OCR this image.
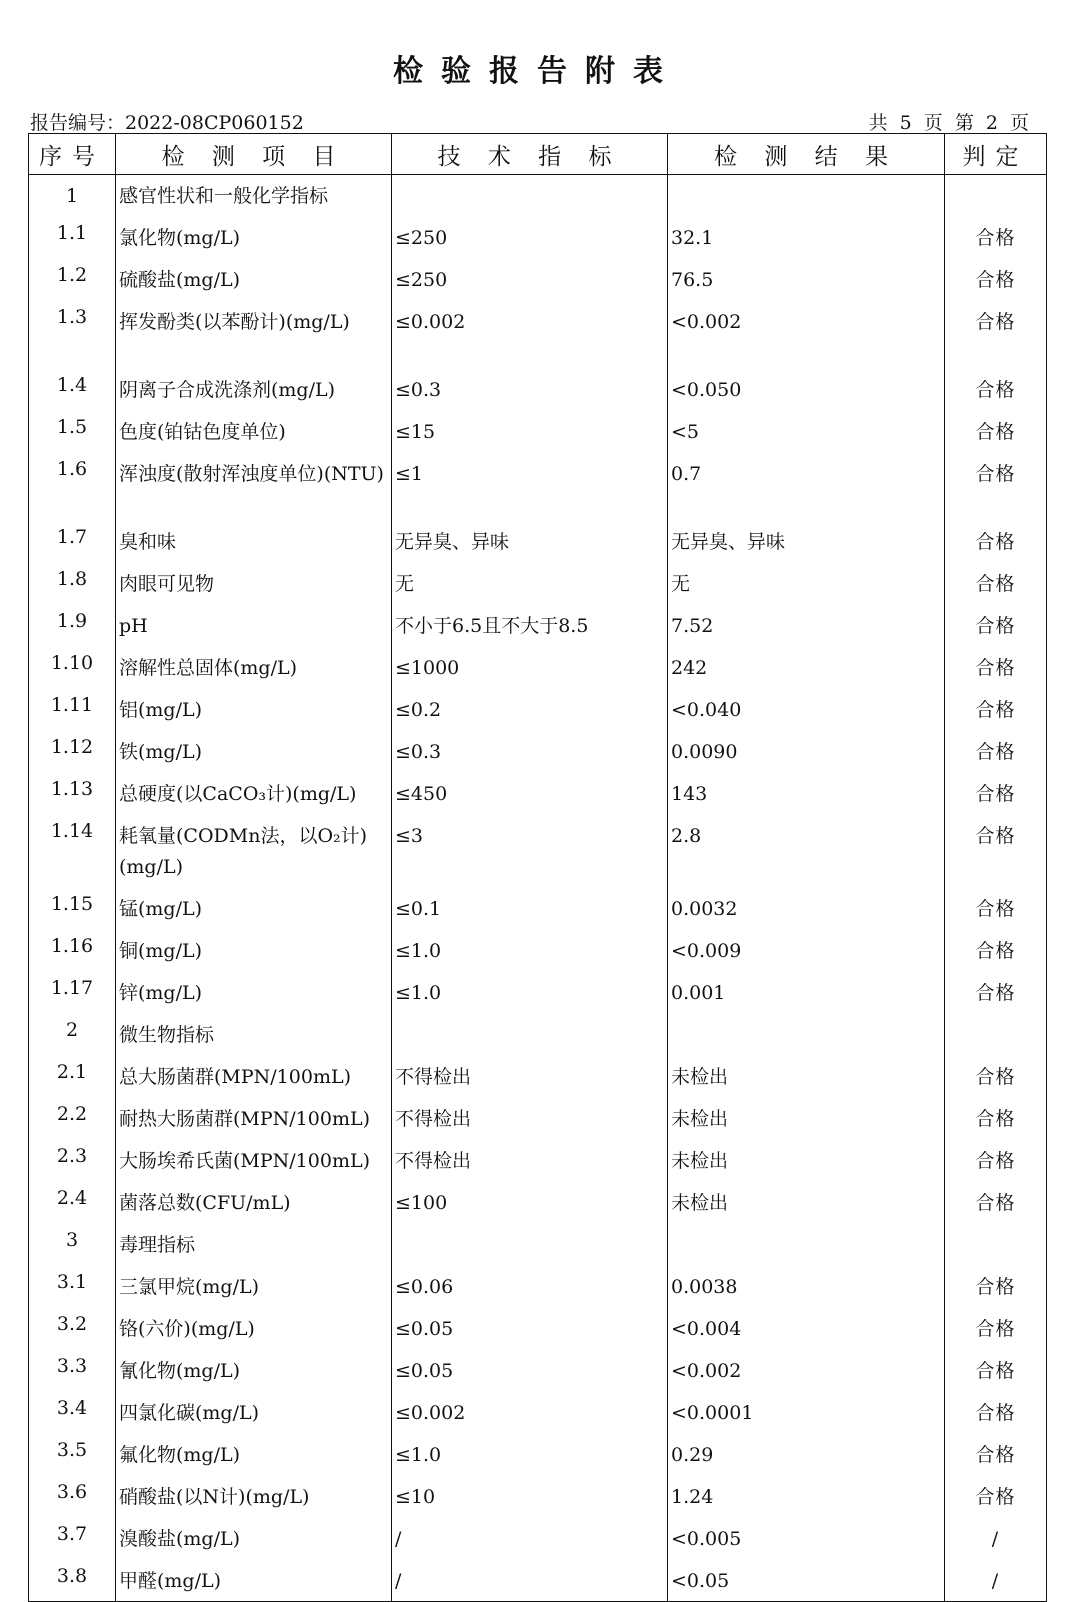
检验报告附表
报告编号：2022-08CP060152	共 5 页 第 2 页
序号	检 测 项 目	技 术 指 标	检 测 结 果	判定
1	感官性状和一般化学指标			
1.1	氯化物(mg/L)	≤250	32.1	合格
1.2	硫酸盐(mg/L)	≤250	76.5	合格
1.3	挥发酚类(以苯酚计)(mg/L)	≤0.002	<0.002	合格
1.4	阴离子合成洗涤剂(mg/L)	≤0.3	<0.050	合格
1.5	色度(铂钴色度单位)	≤15	<5	合格
1.6	浑浊度(散射浑浊度单位)(NTU)	≤1	0.7	合格
1.7	臭和味	无异臭、异味	无异臭、异味	合格
1.8	肉眼可见物	无	无	合格
1.9	pH	不小于6.5且不大于8.5	7.52	合格
1.10	溶解性总固体(mg/L)	≤1000	242	合格
1.11	铝(mg/L)	≤0.2	<0.040	合格
1.12	铁(mg/L)	≤0.3	0.0090	合格
1.13	总硬度(以CaCO₃计)(mg/L)	≤450	143	合格
1.14	耗氧量(CODMn法，以O₂计)(mg/L)	≤3	2.8	合格
1.15	锰(mg/L)	≤0.1	0.0032	合格
1.16	铜(mg/L)	≤1.0	<0.009	合格
1.17	锌(mg/L)	≤1.0	0.001	合格
2	微生物指标			
2.1	总大肠菌群(MPN/100mL)	不得检出	未检出	合格
2.2	耐热大肠菌群(MPN/100mL)	不得检出	未检出	合格
2.3	大肠埃希氏菌(MPN/100mL)	不得检出	未检出	合格
2.4	菌落总数(CFU/mL)	≤100	未检出	合格
3	毒理指标			
3.1	三氯甲烷(mg/L)	≤0.06	0.0038	合格
3.2	铬(六价)(mg/L)	≤0.05	<0.004	合格
3.3	氰化物(mg/L)	≤0.05	<0.002	合格
3.4	四氯化碳(mg/L)	≤0.002	<0.0001	合格
3.5	氟化物(mg/L)	≤1.0	0.29	合格
3.6	硝酸盐(以N计)(mg/L)	≤10	1.24	合格
3.7	溴酸盐(mg/L)	/	<0.005	/
3.8	甲醛(mg/L)	/	<0.05	/
